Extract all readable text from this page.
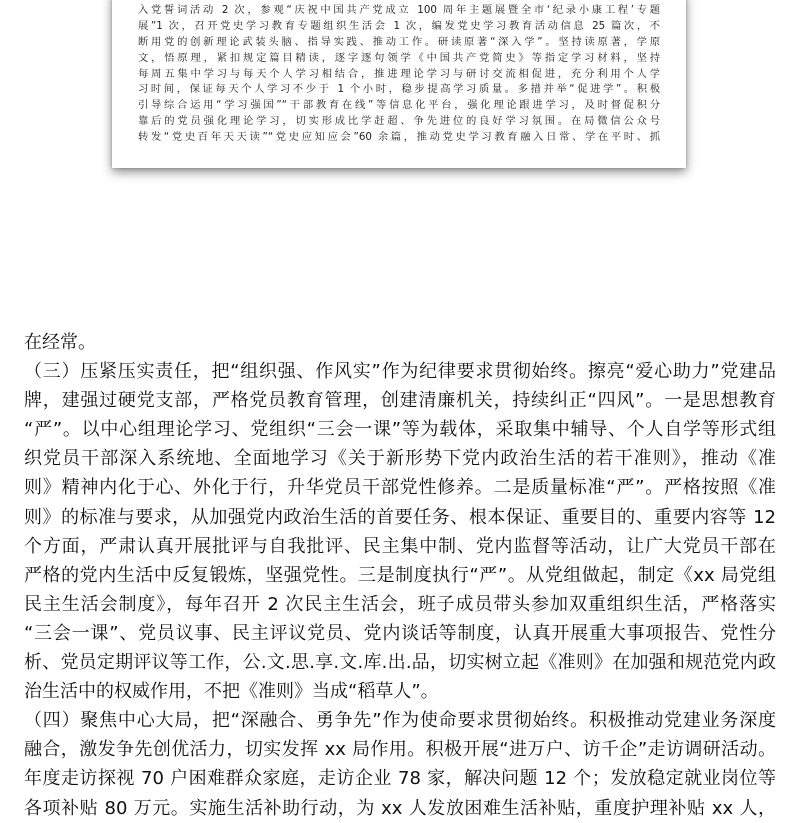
入党誓词活动 2 次，参观“庆祝中国共产党成立 100 周年主题展暨全市‘纪录小康工程’专题
展”1 次，召开党史学习教育专题组织生活会 1 次，编发党史学习教育活动信息 25 篇次，不
断用党的创新理论武装头脑、指导实践、推动工作。研读原著“深入学”。坚持读原著，学原
文，悟原理，紧扣规定篇目精读，逐字逐句领学《中国共产党简史》等指定学习材料，坚持
每周五集中学习与每天个人学习相结合，推进理论学习与研讨交流相促进，充分利用个人学
习时间，保证每天个人学习不少于 1 个小时，稳步提高学习质量。多措并举“促进学”。积极
引导综合运用“学习强国”“干部教育在线”等信息化平台，强化理论跟进学习，及时督促积分
靠后的党员强化理论学习，切实形成比学赶超、争先进位的良好学习氛围。在局微信公众号
转发“党史百年天天读”“党史应知应会”60 余篇，推动党史学习教育融入日常、学在平时、抓
在经常。
（三）压紧压实责任，把“组织强、作风实”作为纪律要求贯彻始终。擦亮“爱心助力”党建品
牌，建强过硬党支部，严格党员教育管理，创建清廉机关，持续纠正“四风”。一是思想教育
“严”。以中心组理论学习、党组织“三会一课”等为载体，采取集中辅导、个人自学等形式组
织党员干部深入系统地、全面地学习《关于新形势下党内政治生活的若干准则》，推动《准
则》精神内化于心、外化于行，升华党员干部党性修养。二是质量标准“严”。严格按照《准
则》的标准与要求，从加强党内政治生活的首要任务、根本保证、重要目的、重要内容等 12
个方面，严肃认真开展批评与自我批评、民主集中制、党内监督等活动，让广大党员干部在
严格的党内生活中反复锻炼，坚强党性。三是制度执行“严”。从党组做起，制定《xx 局党组
民主生活会制度》，每年召开 2 次民主生活会，班子成员带头参加双重组织生活，严格落实
“三会一课”、党员议事、民主评议党员、党内谈话等制度，认真开展重大事项报告、党性分
析、党员定期评议等工作，公.文.思.享.文.库.出.品，切实树立起《准则》在加强和规范党内政
治生活中的权威作用，不把《准则》当成“稻草人”。
（四）聚焦中心大局，把“深融合、勇争先”作为使命要求贯彻始终。积极推动党建业务深度
融合，激发争先创优活力，切实发挥 xx 局作用。积极开展“进万户、访千企”走访调研活动。
年度走访探视 70 户困难群众家庭，走访企业 78 家，解决问题 12 个；发放稳定就业岗位等
各项补贴 80 万元。实施生活补助行动，为 xx 人发放困难生活补贴，重度护理补贴 xx 人，
